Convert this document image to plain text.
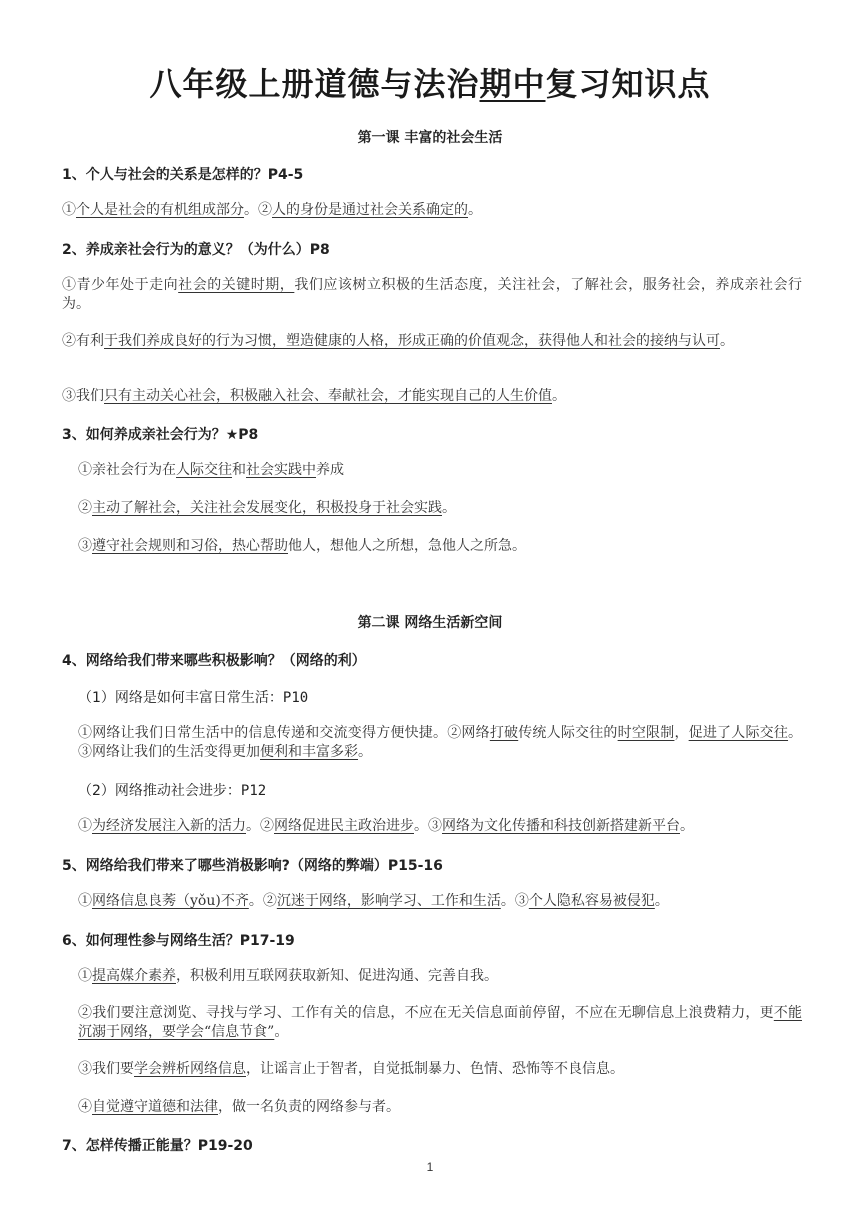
八年级上册道德与法治期中复习知识点
第一课 丰富的社会生活
1、个人与社会的关系是怎样的？P4-5
①个人是社会的有机组成部分。②人的身份是通过社会关系确定的。
2、养成亲社会行为的意义？（为什么）P8
①青少年处于走向社会的关键时期，我们应该树立积极的生活态度，关注社会，了解社会，服务社会，养成亲社会行为。
②有利于我们养成良好的行为习惯，塑造健康的人格，形成正确的价值观念，获得他人和社会的接纳与认可。
③我们只有主动关心社会，积极融入社会、奉献社会，才能实现自己的人生价值。
3、如何养成亲社会行为？★P8
①亲社会行为在人际交往和社会实践中养成
②主动了解社会，关注社会发展变化，积极投身于社会实践。
③遵守社会规则和习俗，热心帮助他人，想他人之所想，急他人之所急。
第二课 网络生活新空间
4、网络给我们带来哪些积极影响？（网络的利）
（1）网络是如何丰富日常生活：P10
①网络让我们日常生活中的信息传递和交流变得方便快捷。②网络打破传统人际交往的时空限制，促进了人际交往。③网络让我们的生活变得更加便利和丰富多彩。
（2）网络推动社会进步：P12
①为经济发展注入新的活力。②网络促进民主政治进步。③网络为文化传播和科技创新搭建新平台。
5、网络给我们带来了哪些消极影响?（网络的弊端）P15-16
①网络信息良莠（yǒu)不齐。②沉迷于网络，影响学习、工作和生活。③个人隐私容易被侵犯。
6、如何理性参与网络生活？P17-19
①提高媒介素养，积极利用互联网获取新知、促进沟通、完善自我。
②我们要注意浏览、寻找与学习、工作有关的信息，不应在无关信息面前停留，不应在无聊信息上浪费精力，更不能沉溺于网络，要学会“信息节食”。
③我们要学会辨析网络信息，让谣言止于智者，自觉抵制暴力、色情、恐怖等不良信息。
④自觉遵守道德和法律，做一名负责的网络参与者。
7、怎样传播正能量？P19-20
1
